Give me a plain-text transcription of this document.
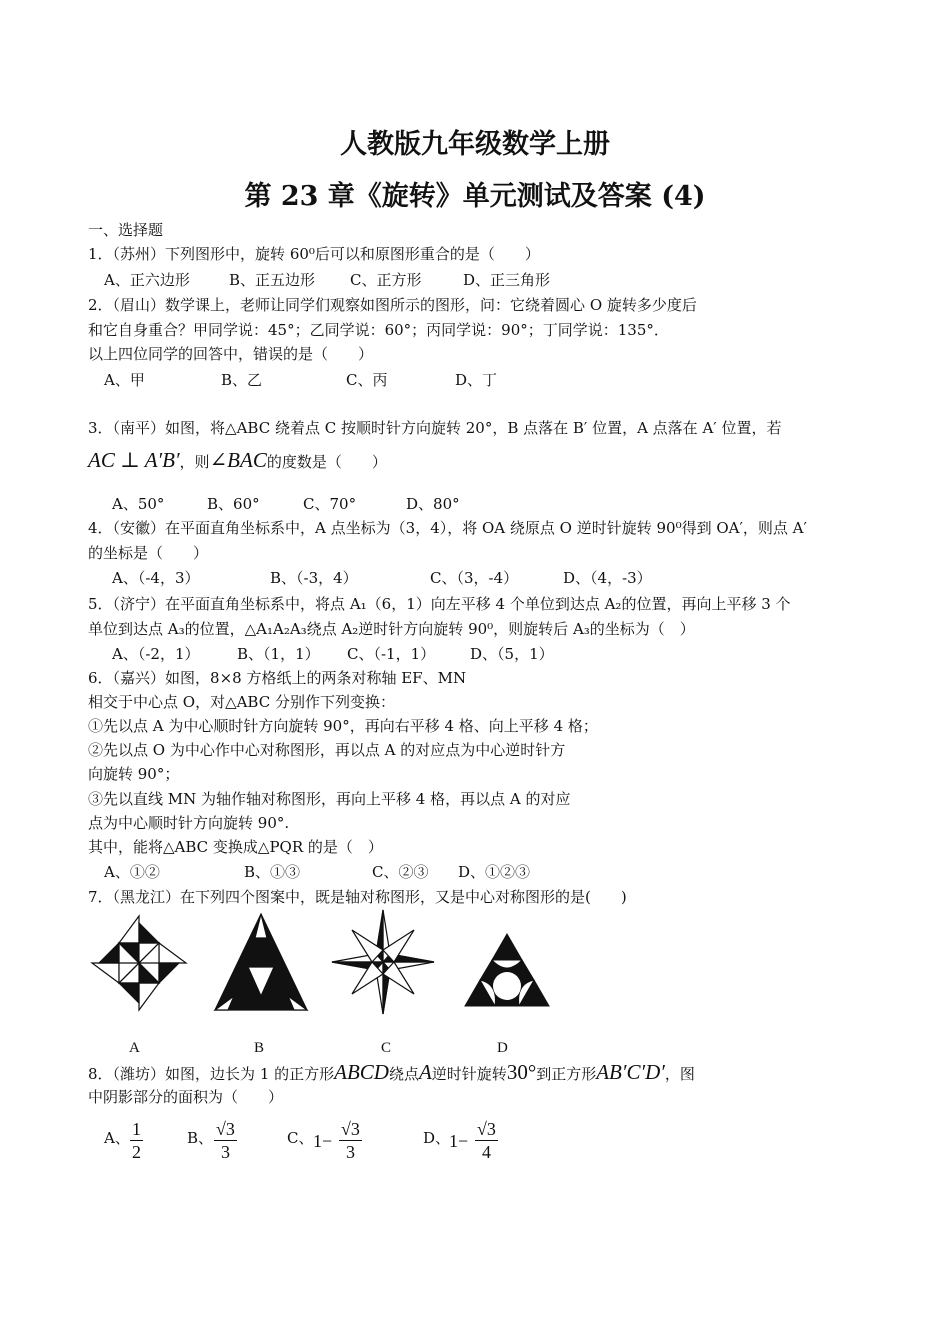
人教版九年级数学上册
第 23 章《旋转》单元测试及答案 (4)
一、选择题
1．（苏州）下列图形中，旋转 60⁰后可以和原图形重合的是（　　）
A、正六边形	B、正五边形 C、正方形	D、正三角形
2．（眉山）数学课上，老师让同学们观察如图所示的图形，问：它绕着圆心 O 旋转多少度后
和它自身重合？甲同学说：45°；乙同学说：60°；丙同学说：90°；丁同学说：135°．
以上四位同学的回答中，错误的是（　　）
A、甲	B、乙	C、丙	D、丁
3．（南平）如图，将△ABC 绕着点 C 按顺时针方向旋转 20°，B 点落在 B′ 位置，A 点落在 A′ 位置，若
AC ⊥ A′B′，则∠BAC的度数是（　　）
A、50°	B、60°	C、70°	D、80°
4．（安徽）在平面直角坐标系中，A 点坐标为（3，4），将 OA 绕原点 O 逆时针旋转 90⁰得到 OA′，则点 A′
的坐标是（　　）
A、（-4，3）	B、（-3，4）	C、（3，-4）	D、（4，-3）
5．（济宁）在平面直角坐标系中，将点 A₁（6，1）向左平移 4 个单位到达点 A₂的位置，再向上平移 3 个
单位到达点 A₃的位置，△A₁A₂A₃绕点 A₂逆时针方向旋转 90⁰，则旋转后 A₃的坐标为（　）
A、（-2，1）	B、（1，1） C、（-1，1） D、（5，1）
6．（嘉兴）如图，8×8 方格纸上的两条对称轴 EF、MN
相交于中心点 O，对△ABC 分别作下列变换：
①先以点 A 为中心顺时针方向旋转 90°，再向右平移 4 格、向上平移 4 格；
②先以点 O 为中心作中心对称图形，再以点 A 的对应点为中心逆时针方
向旋转 90°；
③先以直线 MN 为轴作轴对称图形，再向上平移 4 格，再以点 A 的对应
点为中心顺时针方向旋转 90°.
其中，能将△ABC 变换成△PQR 的是（　）
A、①②	B、①③	C、②③ D、①②③
7．（黑龙江）在下列四个图案中，既是轴对称图形，又是中心对称图形的是(　　)
A	B	C	D
8．（潍坊）如图，边长为 1 的正方形ABCD绕点A逆时针旋转30°到正方形AB′C′D′，图
中阴影部分的面积为（　　）
A、 $\frac{1}{2}$	B、 $\frac{√3}{3}$	C、 $1- \frac{√3}{3}$	D、
$1- \frac{√3}{4}$
